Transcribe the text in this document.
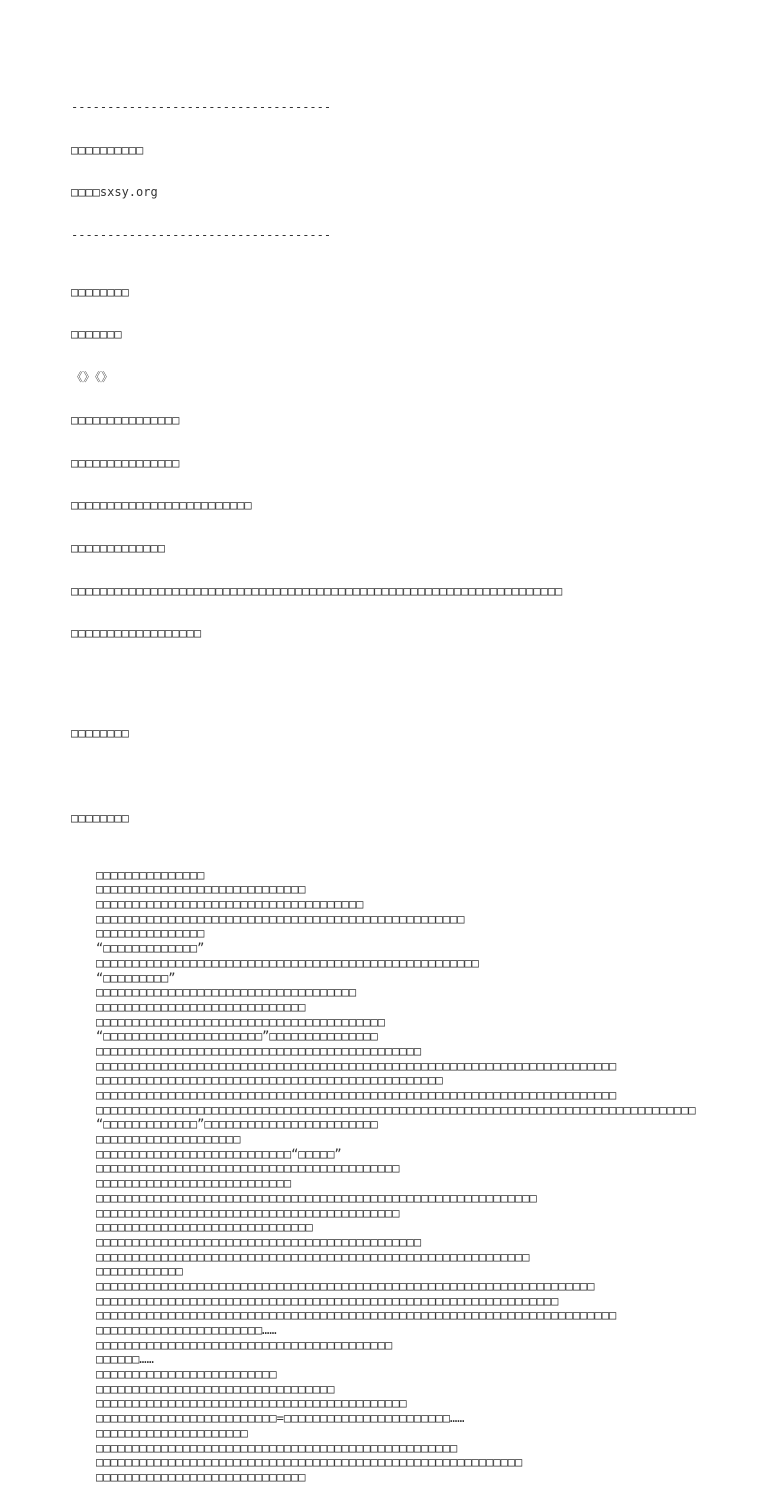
------------------------------------

□□□□□□□□□□

□□□□sxsy.org

------------------------------------

□□□□□□□□

□□□□□□□

《》《》

□□□□□□□□□□□□□□□

□□□□□□□□□□□□□□□

□□□□□□□□□□□□□□□□□□□□□□□□□

□□□□□□□□□□□□□

□□□□□□□□□□□□□□□□□□□□□□□□□□□□□□□□□□□□□□□□□□□□□□□□□□□□□□□□□□□□□□□□□□□□

□□□□□□□□□□□□□□□□□□

□□□□□□□□

□□□□□□□□

□□□□□□□□□□□□□□□
□□□□□□□□□□□□□□□□□□□□□□□□□□□□□
□□□□□□□□□□□□□□□□□□□□□□□□□□□□□□□□□□□□□
□□□□□□□□□□□□□□□□□□□□□□□□□□□□□□□□□□□□□□□□□□□□□□□□□□□
□□□□□□□□□□□□□□□
“□□□□□□□□□□□□□”
□□□□□□□□□□□□□□□□□□□□□□□□□□□□□□□□□□□□□□□□□□□□□□□□□□□□□
“□□□□□□□□□”
□□□□□□□□□□□□□□□□□□□□□□□□□□□□□□□□□□□□
□□□□□□□□□□□□□□□□□□□□□□□□□□□□□
□□□□□□□□□□□□□□□□□□□□□□□□□□□□□□□□□□□□□□□□
“□□□□□□□□□□□□□□□□□□□□□□”□□□□□□□□□□□□□□□
□□□□□□□□□□□□□□□□□□□□□□□□□□□□□□□□□□□□□□□□□□□□□
□□□□□□□□□□□□□□□□□□□□□□□□□□□□□□□□□□□□□□□□□□□□□□□□□□□□□□□□□□□□□□□□□□□□□□□□
□□□□□□□□□□□□□□□□□□□□□□□□□□□□□□□□□□□□□□□□□□□□□□□□
□□□□□□□□□□□□□□□□□□□□□□□□□□□□□□□□□□□□□□□□□□□□□□□□□□□□□□□□□□□□□□□□□□□□□□□□
□□□□□□□□□□□□□□□□□□□□□□□□□□□□□□□□□□□□□□□□□□□□□□□□□□□□□□□□□□□□□□□□□□□□□□□□□□□□□□□□□□□
“□□□□□□□□□□□□□”□□□□□□□□□□□□□□□□□□□□□□□□
□□□□□□□□□□□□□□□□□□□□
□□□□□□□□□□□□□□□□□□□□□□□□□□□“□□□□□”
□□□□□□□□□□□□□□□□□□□□□□□□□□□□□□□□□□□□□□□□□□
□□□□□□□□□□□□□□□□□□□□□□□□□□□
□□□□□□□□□□□□□□□□□□□□□□□□□□□□□□□□□□□□□□□□□□□□□□□□□□□□□□□□□□□□□
□□□□□□□□□□□□□□□□□□□□□□□□□□□□□□□□□□□□□□□□□□
□□□□□□□□□□□□□□□□□□□□□□□□□□□□□□
□□□□□□□□□□□□□□□□□□□□□□□□□□□□□□□□□□□□□□□□□□□□□
□□□□□□□□□□□□□□□□□□□□□□□□□□□□□□□□□□□□□□□□□□□□□□□□□□□□□□□□□□□□
□□□□□□□□□□□□
□□□□□□□□□□□□□□□□□□□□□□□□□□□□□□□□□□□□□□□□□□□□□□□□□□□□□□□□□□□□□□□□□□□□□
□□□□□□□□□□□□□□□□□□□□□□□□□□□□□□□□□□□□□□□□□□□□□□□□□□□□□□□□□□□□□□□□
□□□□□□□□□□□□□□□□□□□□□□□□□□□□□□□□□□□□□□□□□□□□□□□□□□□□□□□□□□□□□□□□□□□□□□□□
□□□□□□□□□□□□□□□□□□□□□□□……
□□□□□□□□□□□□□□□□□□□□□□□□□□□□□□□□□□□□□□□□□
□□□□□□……
□□□□□□□□□□□□□□□□□□□□□□□□□
□□□□□□□□□□□□□□□□□□□□□□□□□□□□□□□□□
□□□□□□□□□□□□□□□□□□□□□□□□□□□□□□□□□□□□□□□□□□□
□□□□□□□□□□□□□□□□□□□□□□□□□=□□□□□□□□□□□□□□□□□□□□□□□……
□□□□□□□□□□□□□□□□□□□□□
□□□□□□□□□□□□□□□□□□□□□□□□□□□□□□□□□□□□□□□□□□□□□□□□□□
□□□□□□□□□□□□□□□□□□□□□□□□□□□□□□□□□□□□□□□□□□□□□□□□□□□□□□□□□□□
□□□□□□□□□□□□□□□□□□□□□□□□□□□□□
